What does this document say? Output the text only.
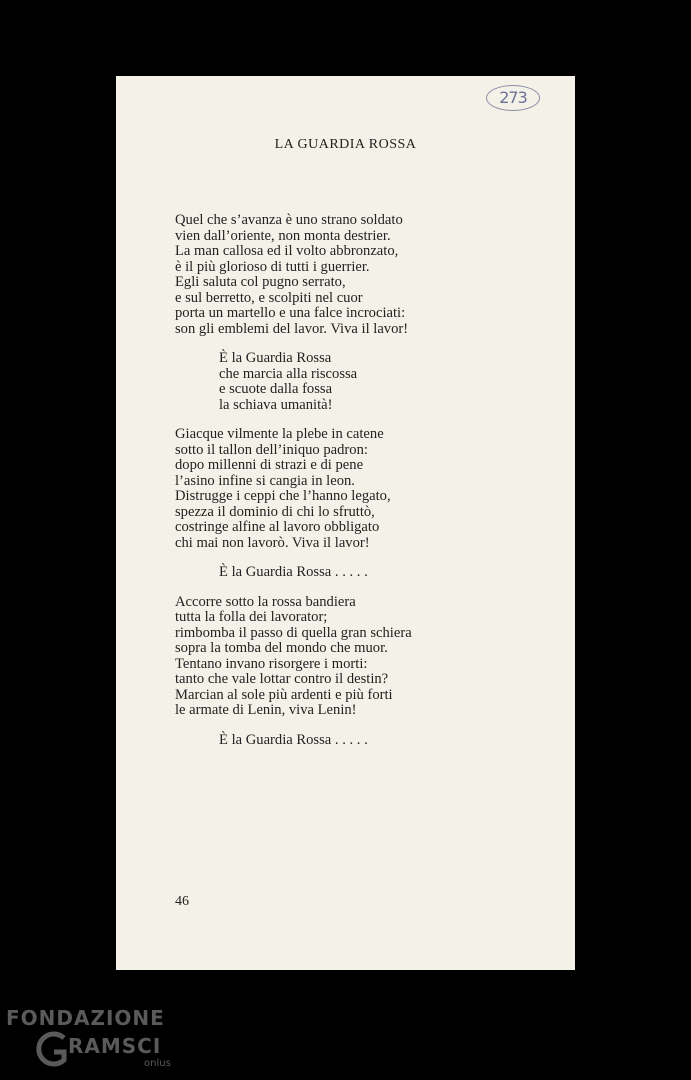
273
LA GUARDIA ROSSA
Quel che s’avanza è uno strano soldato
vien dall’oriente, non monta destrier.
La man callosa ed il volto abbronzato,
è il più glorioso di tutti i guerrier.
Egli saluta col pugno serrato,
e sul berretto, e scolpiti nel cuor
porta un martello e una falce incrociati:
son gli emblemi del lavor. Viva il lavor!
È la Guardia Rossa
che marcia alla riscossa
e scuote dalla fossa
la schiava umanità!
Giacque vilmente la plebe in catene
sotto il tallon dell’iniquo padron:
dopo millenni di strazi e di pene
l’asino infine si cangia in leon.
Distrugge i ceppi che l’hanno legato,
spezza il dominio di chi lo sfruttò,
costringe alfine al lavoro obbligato
chi mai non lavorò. Viva il lavor!
È la Guardia Rossa . . . . .
Accorre sotto la rossa bandiera
tutta la folla dei lavorator;
rimbomba il passo di quella gran schiera
sopra la tomba del mondo che muor.
Tentano invano risorgere i morti:
tanto che vale lottar contro il destin?
Marcian al sole più ardenti e più forti
le armate di Lenin, viva Lenin!
È la Guardia Rossa . . . . .
46
FONDAZIONE
RAMSCI
onlus
